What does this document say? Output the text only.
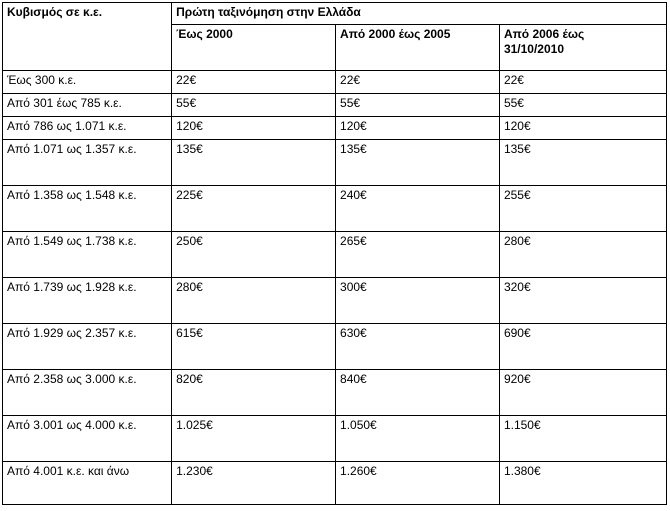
Κυβισμός σε κ.ε.	Πρώτη ταξινόμηση στην Ελλάδα		
	Έως 2000	Από 2000 έως 2005	Από 2006 έως
31/10/2010
Έως 300 κ.ε.	22€	22€	22€
Από 301 έως 785 κ.ε.	55€	55€	55€
Από 786 ως 1.071 κ.ε.	120€	120€	120€
Από 1.071 ως 1.357 κ.ε.	135€	135€	135€
Από 1.358 ως 1.548 κ.ε.	225€	240€	255€
Από 1.549 ως 1.738 κ.ε.	250€	265€	280€
Από 1.739 ως 1.928 κ.ε.	280€	300€	320€
Από 1.929 ως 2.357 κ.ε.	615€	630€	690€
Από 2.358 ως 3.000 κ.ε.	820€	840€	920€
Από 3.001 ως 4.000 κ.ε.	1.025€	1.050€	1.150€
Από 4.001 κ.ε. και άνω	1.230€	1.260€	1.380€
